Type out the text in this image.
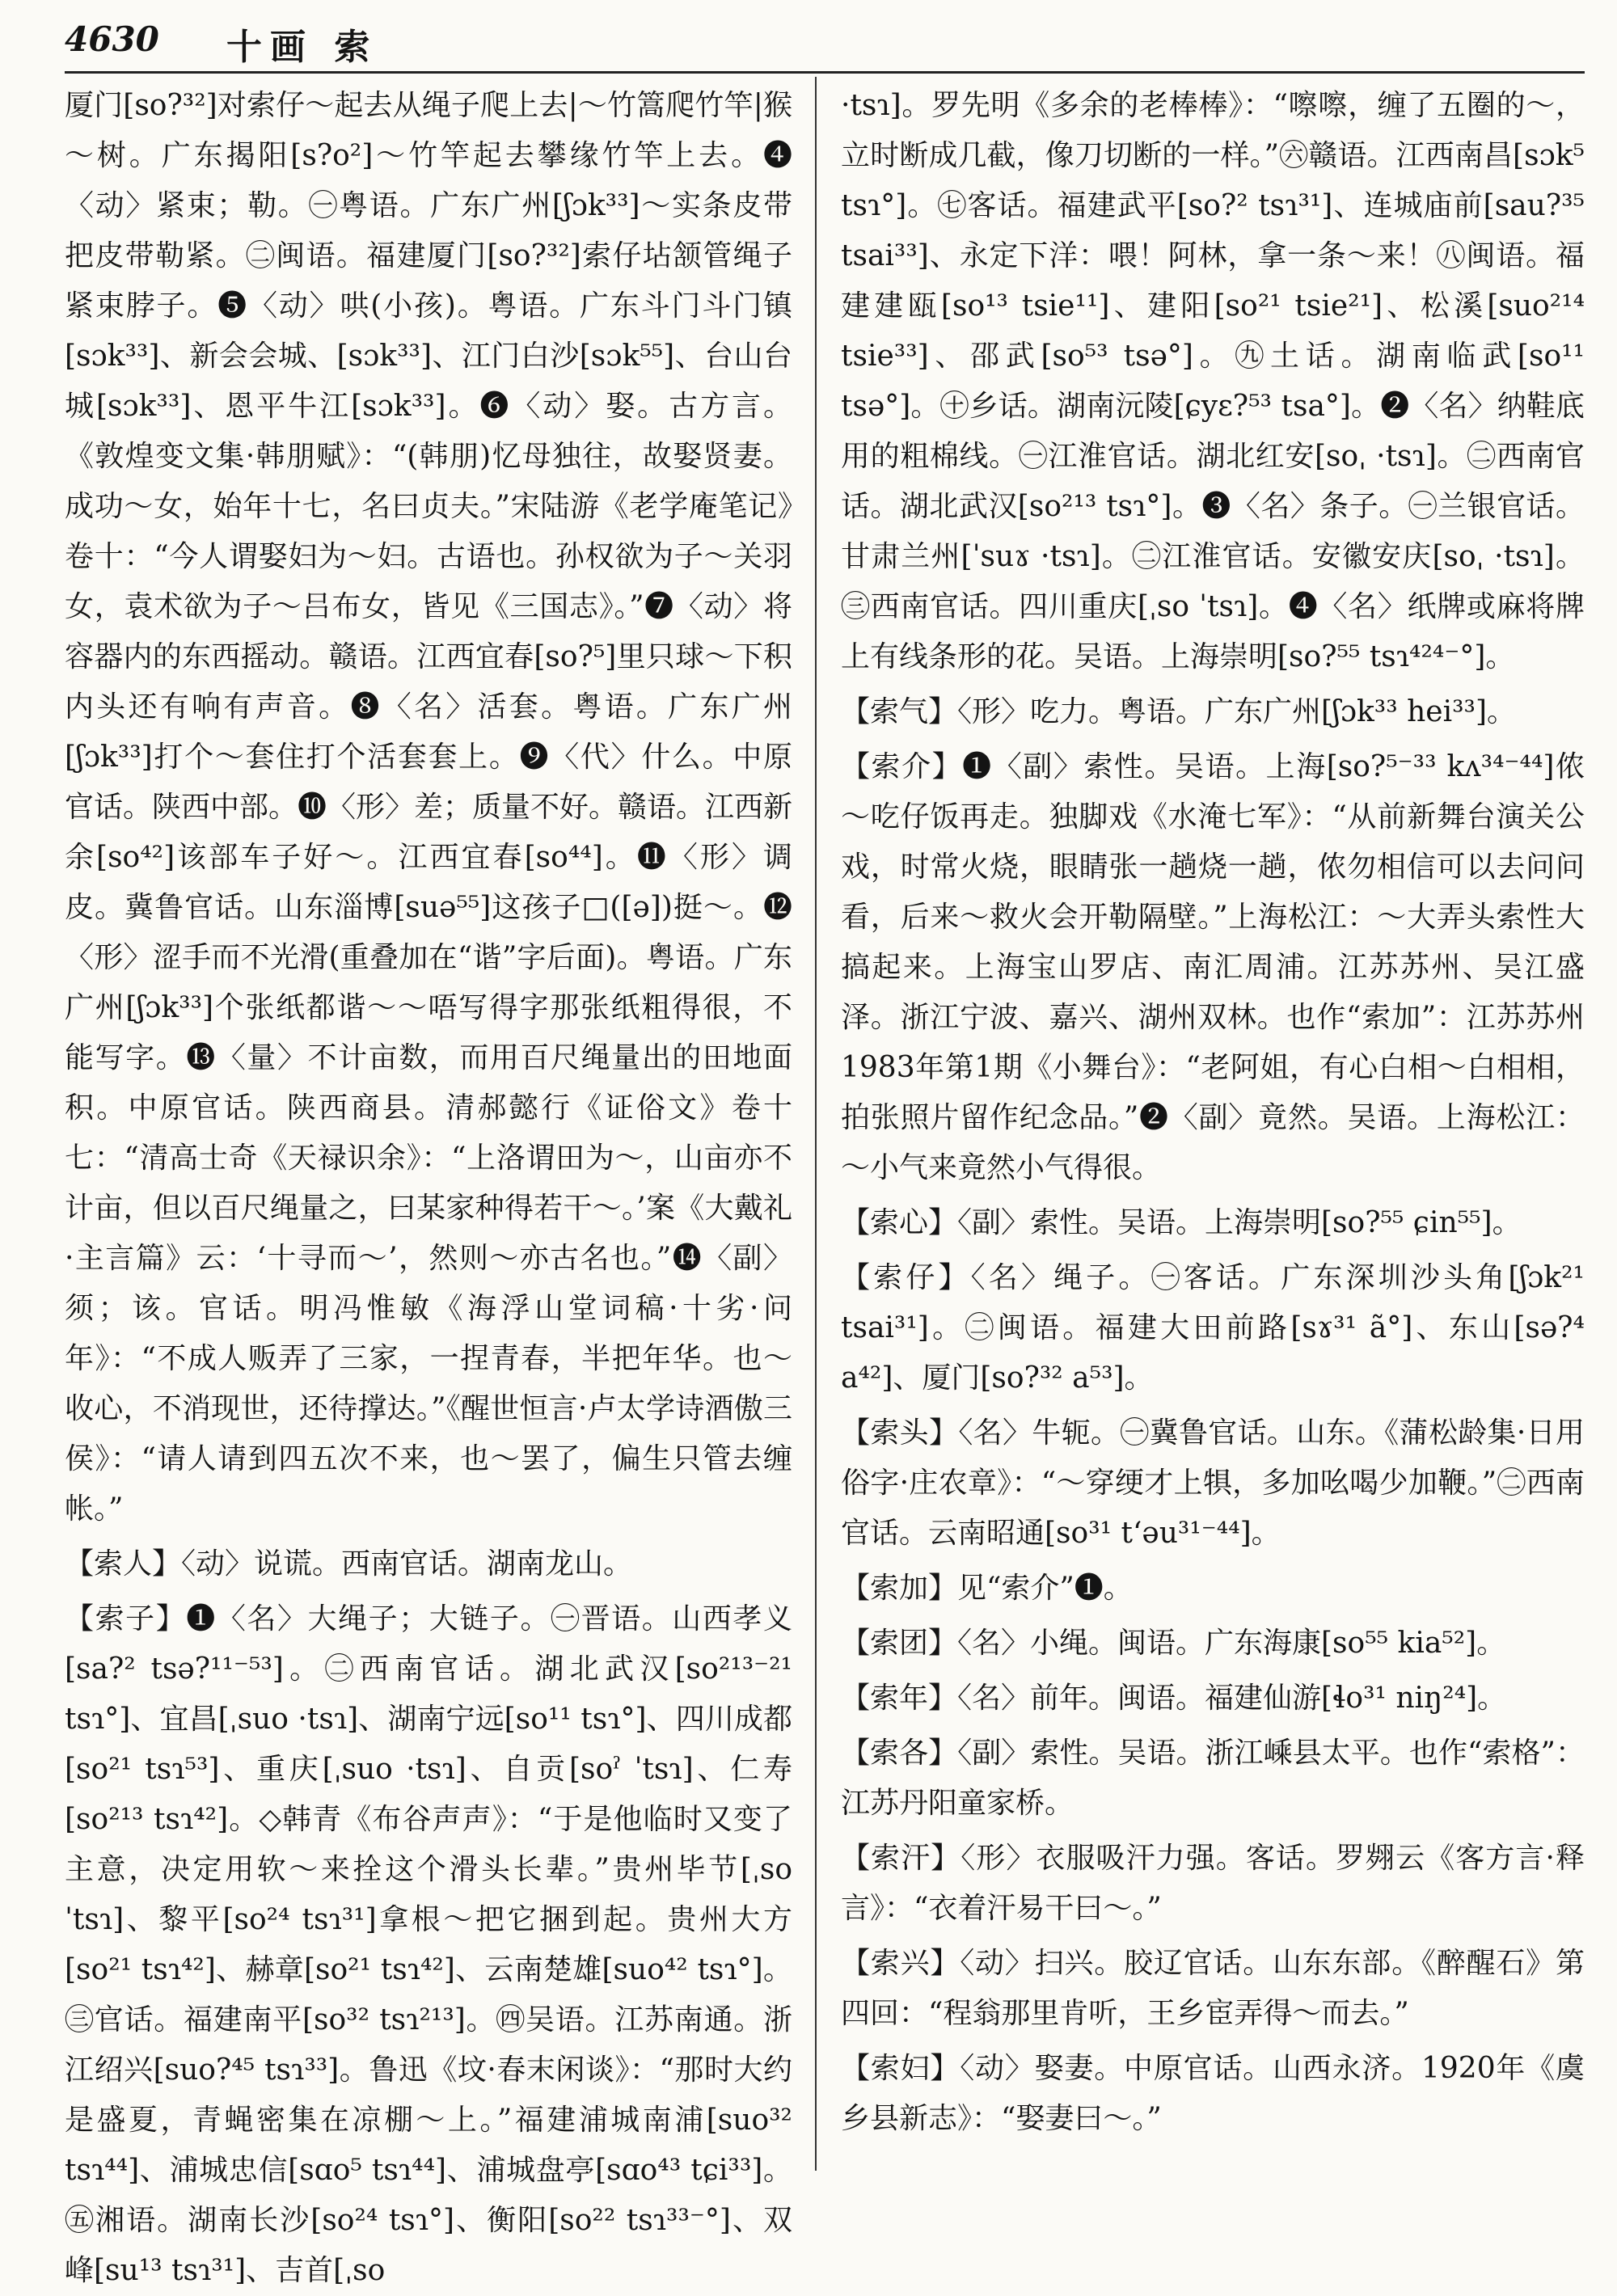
4630 十画 索

厦门[so?³²]对索仔～起去从绳子爬上去|～竹篙爬竹竿|猴～树。广东揭阳[s?o²]～竹竿起去攀缘竹竿上去。❹〈动〉紧束；勒。㊀粤语。广东广州[ʃɔk³³]～实条皮带把皮带勒紧。㊁闽语。福建厦门[so?³²]索仔坫颔管绳子紧束脖子。❺〈动〉哄(小孩)。粤语。广东斗门斗门镇[sɔk³³]、新会会城、[sɔk³³]、江门白沙[sɔk⁵⁵]、台山台城[sɔk³³]、恩平牛江[sɔk³³]。❻〈动〉娶。古方言。《敦煌变文集·韩朋赋》：“(韩朋)忆母独往，故娶贤妻。成功～女，始年十七，名曰贞夫。”宋陆游《老学庵笔记》卷十：“今人谓娶妇为～妇。古语也。孙权欲为子～关羽女，袁术欲为子～吕布女，皆见《三国志》。”❼〈动〉将容器内的东西摇动。赣语。江西宜春[so?⁵]里只球～下积内头还有响有声音。❽〈名〉活套。粤语。广东广州[ʃɔk³³]打个～套住打个活套套上。❾〈代〉什么。中原官话。陕西中部。❿〈形〉差；质量不好。赣语。江西新余[so⁴²]该部车子好～。江西宜春[so⁴⁴]。⓫〈形〉调皮。冀鲁官话。山东淄博[suə⁵⁵]这孩子□([ə])挺～。⓬〈形〉涩手而不光滑(重叠加在“谐”字后面)。粤语。广东广州[ʃɔk³³]个张纸都谐～～唔写得字那张纸粗得很，不能写字。⓭〈量〉不计亩数，而用百尺绳量出的田地面积。中原官话。陕西商县。清郝懿行《证俗文》卷十七：“清高士奇《天禄识余》：“上洛谓田为～，山亩亦不计亩，但以百尺绳量之，曰某家种得若干～。’案《大戴礼·主言篇》云：‘十寻而～’，然则～亦古名也。”⓮〈副〉须；该。官话。明冯惟敏《海浮山堂词稿·十劣·问年》：“不成人贩弄了三家，一捏青春，半把年华。也～收心，不消现世，还待撑达。”《醒世恒言·卢太学诗酒傲三侯》：“请人请到四五次不来，也～罢了，偏生只管去缠帐。”

【索人】〈动〉说谎。西南官话。湖南龙山。

【索子】❶〈名〉大绳子；大链子。㊀晋语。山西孝义[sa?² tsə?¹¹⁻⁵³]。㊁西南官话。湖北武汉[so²¹³⁻²¹ tsɿ°]、宜昌[ˌsuo ·tsɿ]、湖南宁远[so¹¹ tsɿ°]、四川成都[so²¹ tsɿ⁵³]、重庆[ˌsuo ·tsɿ]、自贡[soˀ ˈtsɿ]、仁寿[so²¹³ tsɿ⁴²]。◇韩青《布谷声声》：“于是他临时又变了主意，决定用软～来拴这个滑头长辈。”贵州毕节[ˌso ˈtsɿ]、黎平[so²⁴ tsɿ³¹]拿根～把它捆到起。贵州大方[so²¹ tsɿ⁴²]、赫章[so²¹ tsɿ⁴²]、云南楚雄[suo⁴² tsɿ°]。㊂官话。福建南平[so³² tsɿ²¹³]。㊃吴语。江苏南通。浙江绍兴[suo?⁴⁵ tsɿ³³]。鲁迅《坟·春末闲谈》：“那时大约是盛夏，青蝇密集在凉棚～上。”福建浦城南浦[suo³² tsɿ⁴⁴]、浦城忠信[sɑo⁵ tsɿ⁴⁴]、浦城盘亭[sɑo⁴³ tɕi³³]。㊄湘语。湖南长沙[so²⁴ tsɿ°]、衡阳[so²² tsɿ³³⁻°]、双峰[su¹³ tsɿ³¹]、吉首[ˌso

·tsɿ]。罗先明《多余的老棒棒》：“嚓嚓，缠了五圈的～，立时断成几截，像刀切断的一样。”㊅赣语。江西南昌[sɔk⁵ tsɿ°]。㊆客话。福建武平[so?² tsɿ³¹]、连城庙前[sau?³⁵ tsai³³]、永定下洋：喂！阿林，拿一条～来！㊇闽语。福建建瓯[so¹³ tsie¹¹]、建阳[so²¹ tsie²¹]、松溪[suo²¹⁴ tsie³³]、邵武[so⁵³ tsə°]。㊈土话。湖南临武[so¹¹ tsə°]。㊉乡话。湖南沅陵[ɕyɛ?⁵³ tsa°]。❷〈名〉纳鞋底用的粗棉线。㊀江淮官话。湖北红安[soˌ ·tsɿ]。㊁西南官话。湖北武汉[so²¹³ tsɿ°]。❸〈名〉条子。㊀兰银官话。甘肃兰州[ˈsuɤ ·tsɿ]。㊁江淮官话。安徽安庆[soˌ ·tsɿ]。㊂西南官话。四川重庆[ˌso ˈtsɿ]。❹〈名〉纸牌或麻将牌上有线条形的花。吴语。上海崇明[so?⁵⁵ tsɿ⁴²⁴⁻°]。

【索气】〈形〉吃力。粤语。广东广州[ʃɔk³³ hei³³]。

【索介】❶〈副〉索性。吴语。上海[so?⁵⁻³³ kʌ³⁴⁻⁴⁴]侬～吃仔饭再走。独脚戏《水淹七军》：“从前新舞台演关公戏，时常火烧，眼睛张一趟烧一趟，侬勿相信可以去问问看，后来～救火会开勒隔壁。”上海松江：～大弄头索性大搞起来。上海宝山罗店、南汇周浦。江苏苏州、吴江盛泽。浙江宁波、嘉兴、湖州双林。也作“索加”：江苏苏州1983年第1期《小舞台》：“老阿姐，有心白相～白相相，拍张照片留作纪念品。”❷〈副〉竟然。吴语。上海松江：～小气来竟然小气得很。

【索心】〈副〉索性。吴语。上海崇明[so?⁵⁵ ɕin⁵⁵]。

【索仔】〈名〉绳子。㊀客话。广东深圳沙头角[ʃɔk²¹ tsai³¹]。㊁闽语。福建大田前路[sɤ³¹ ã°]、东山[sə?⁴ a⁴²]、厦门[so?³² a⁵³]。

【索头】〈名〉牛轭。㊀冀鲁官话。山东。《蒲松龄集·日用俗字·庄农章》：“～穿绠才上犋，多加吆喝少加鞭。”㊁西南官话。云南昭通[so³¹ tʻəu³¹⁻⁴⁴]。

【索加】见“索介”❶。

【索团】〈名〉小绳。闽语。广东海康[so⁵⁵ kia⁵²]。

【索年】〈名〉前年。闽语。福建仙游[ɬo³¹ niŋ²⁴]。

【索各】〈副〉索性。吴语。浙江嵊县太平。也作“索格”：江苏丹阳童家桥。

【索汗】〈形〉衣服吸汗力强。客话。罗翙云《客方言·释言》：“衣着汗易干曰～。”

【索兴】〈动〉扫兴。胶辽官话。山东东部。《醉醒石》第四回：“程翁那里肯听，王乡宦弄得～而去。”

【索妇】〈动〉娶妻。中原官话。山西永济。1920年《虞乡县新志》：“娶妻曰～。”
